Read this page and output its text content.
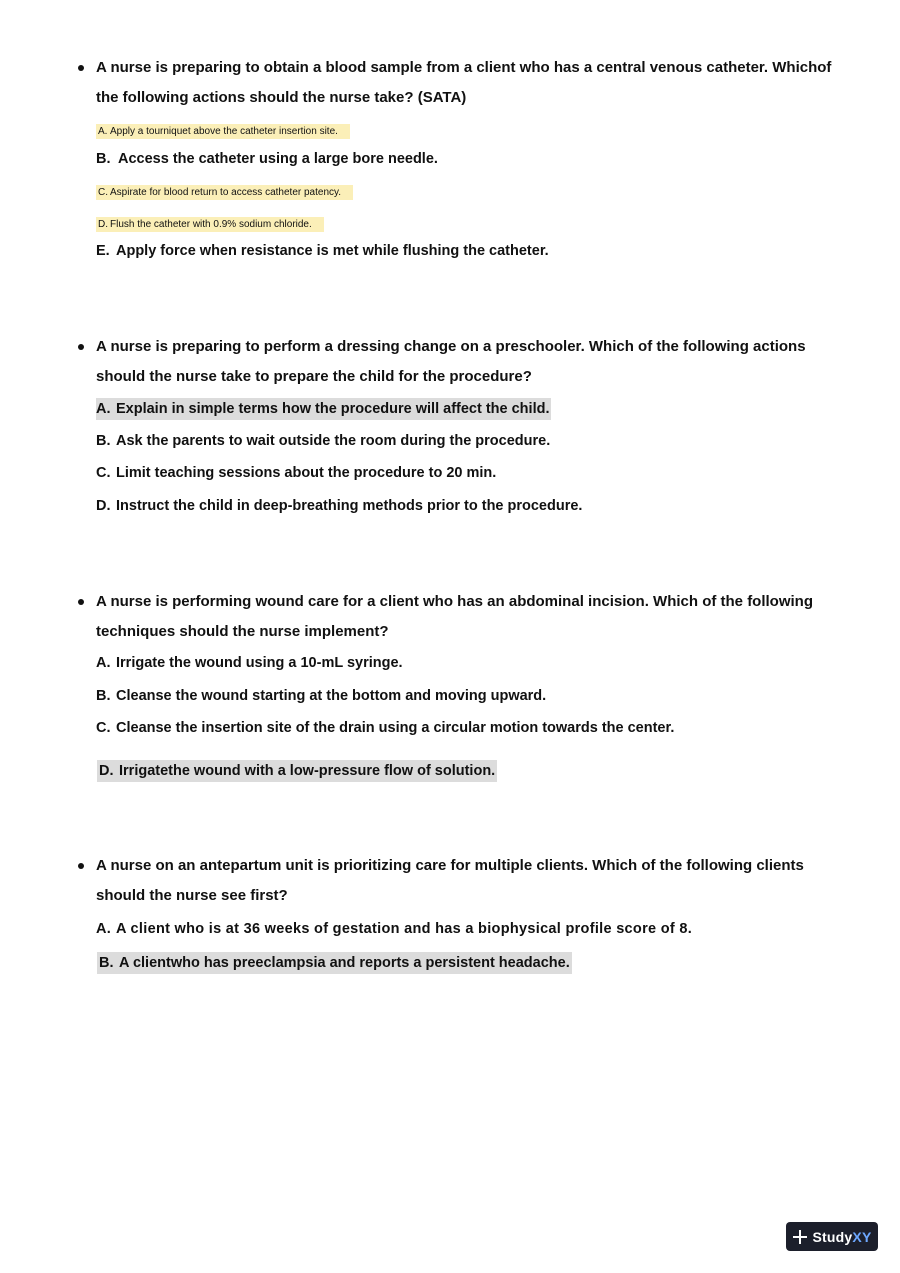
A nurse is preparing to obtain a blood sample from a client who has a central venous catheter. Whichof the following actions should the nurse take? (SATA)
A. Apply a tourniquet above the catheter insertion site.
B. Access the catheter using a large bore needle.
C. Aspirate for blood return to access catheter patency.
D. Flush the catheter with 0.9% sodium chloride.
E. Apply force when resistance is met while flushing the catheter.
A nurse is preparing to perform a dressing change on a preschooler. Which of the following actions should the nurse take to prepare the child for the procedure?
A. Explain in simple terms how the procedure will affect the child.
B. Ask the parents to wait outside the room during the procedure.
C. Limit teaching sessions about the procedure to 20 min.
D. Instruct the child in deep-breathing methods prior to the procedure.
A nurse is performing wound care for a client who has an abdominal incision. Which of the following techniques should the nurse implement?
A. Irrigate the wound using a 10-mL syringe.
B. Cleanse the wound starting at the bottom and moving upward.
C. Cleanse the insertion site of the drain using a circular motion towards the center.
D. Irrigatethe wound with a low-pressure flow of solution.
A nurse on an antepartum unit is prioritizing care for multiple clients. Which of the following clients should the nurse see first?
A. A client who is at 36 weeks of gestation and has a biophysical profile score of 8.
B. A clientwho has preeclampsia and reports a persistent headache.
StudyXY
